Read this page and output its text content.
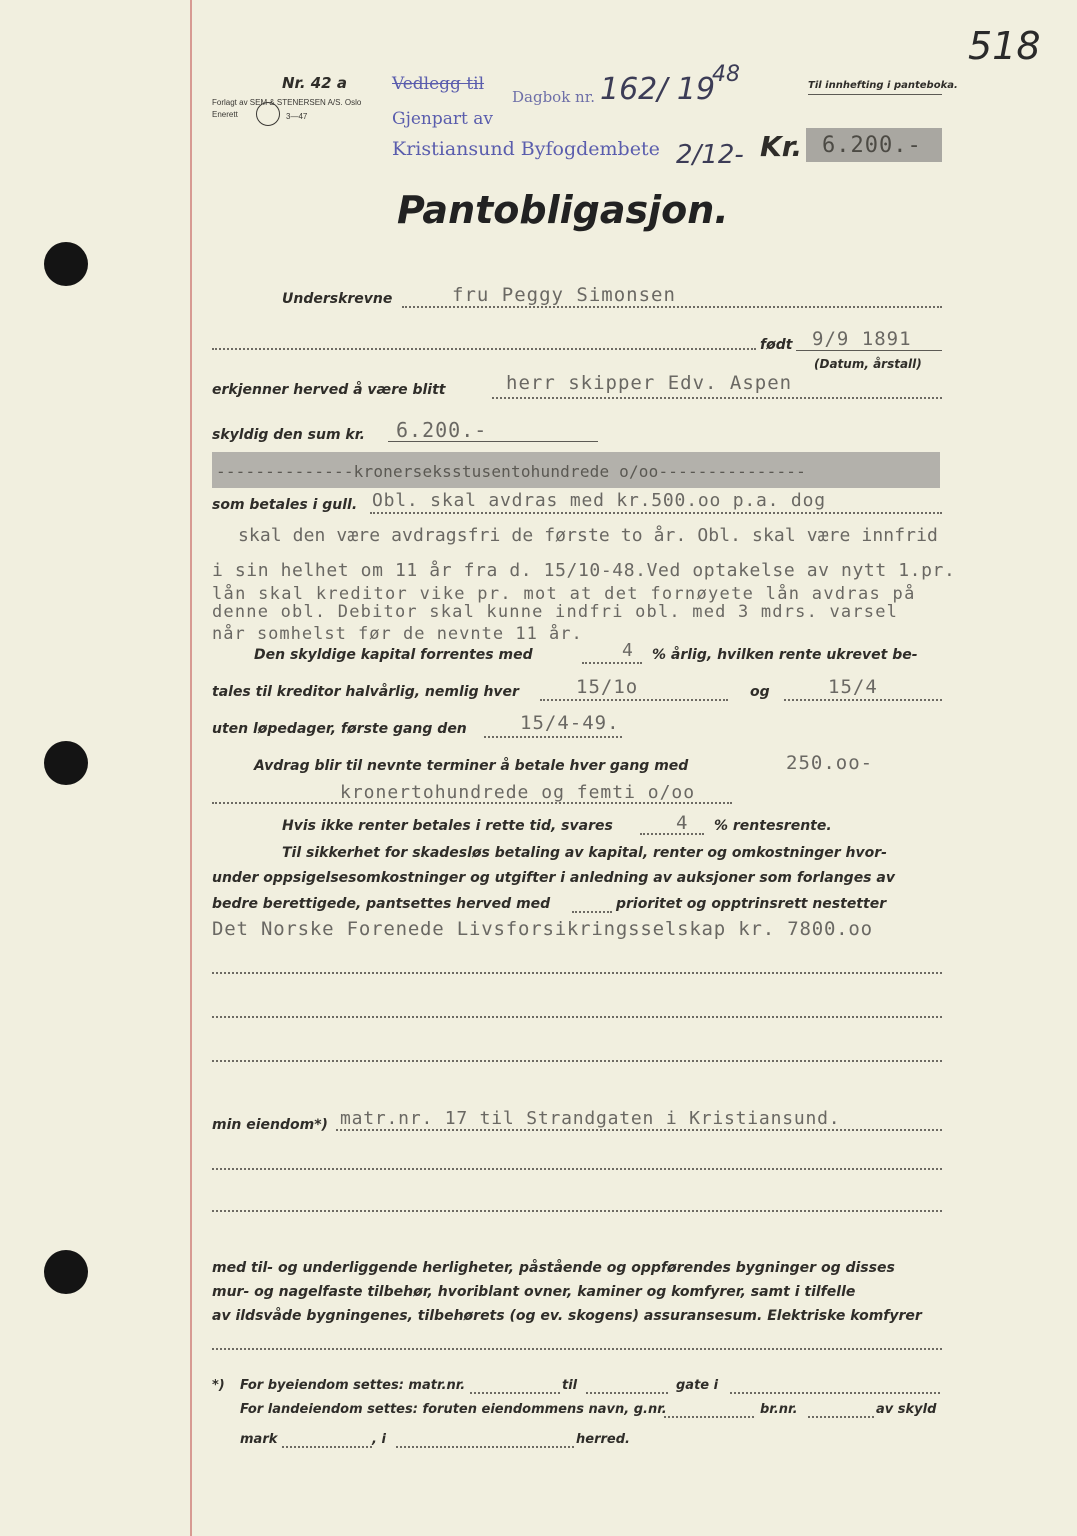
518
Nr. 42 a
Forlagt av SEM & STENERSEN A/S. Oslo
Enerett	3—47
Vedlegg til
Gjenpart av
Kristiansund Byfogdembete
Dagbok nr. 162/ 19
48
2/12- Kr. 6.200.-
Til innhefting i panteboka.
Pantobligasjon.
Underskrevne	fru Peggy Simonsen
født 9/9 1891
(Datum, årstall)
erkjenner herved å være blitt	herr skipper Edv. Aspen
skyldig den sum kr. 6.200.-
--------------kronerseksstusentohundrede o/oo---------------
som betales i gull. Obl. skal avdras med kr.500.oo p.a. dog
skal den være avdragsfri de første to år. Obl. skal være innfrid
i sin helhet om 11 år fra d. 15/10-48.Ved optakelse av nytt 1.pr.
lån skal kreditor vike pr. mot at det fornøyete lån avdras på
denne obl. Debitor skal kunne indfri obl. med 3 mdrs. varsel
når somhelst før de nevnte 11 år.
Den skyldige kapital forrentes med	4 % årlig, hvilken rente ukrevet be-
tales til kreditor halvårlig, nemlig hver	15/1o	og	15/4
uten løpedager, første gang den	15/4-49.
Avdrag blir til nevnte terminer å betale hver gang med	250.oo-
kronertohundrede og femti o/oo
Hvis ikke renter betales i rette tid, svares	4 % rentesrente.
Til sikkerhet for skadesløs betaling av kapital, renter og omkostninger hvor-
under oppsigelsesomkostninger og utgifter i anledning av auksjoner som forlanges av
bedre berettigede, pantsettes herved med	prioritet og opptrinsrett nestetter
Det Norske Forenede Livsforsikringsselskap kr. 7800.oo
min eiendom*) matr.nr. 17 til Strandgaten i Kristiansund.
med til- og underliggende herligheter, påstående og oppførendes bygninger og disses
mur- og nagelfaste tilbehør, hvoriblant ovner, kaminer og komfyrer, samt i tilfelle
av ildsvåde bygningenes, tilbehørets (og ev. skogens) assuransesum. Elektriske komfyrer
*) For byeiendom settes: matr.nr.	til	gate i
For landeiendom settes: foruten eiendommens navn, g.nr.	br.nr.	av skyld
mark	, i	herred.
